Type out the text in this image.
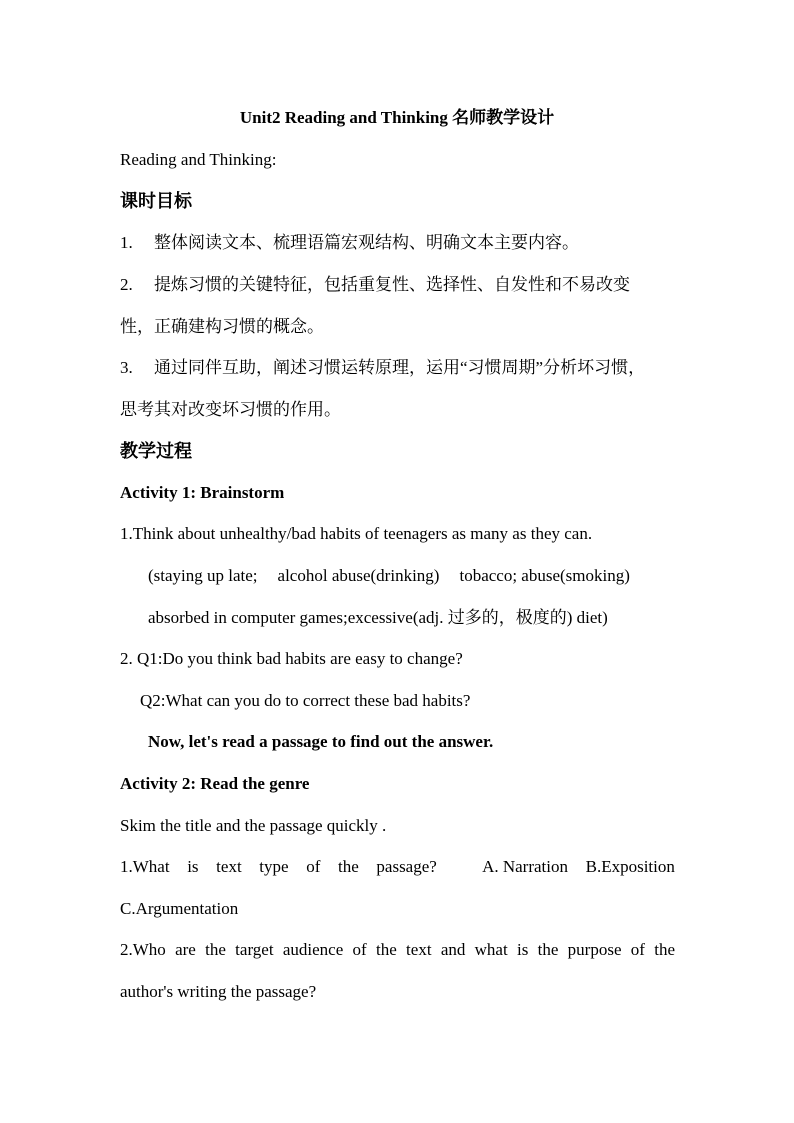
Unit2 Reading and Thinking 名师教学设计
Reading and Thinking:
课时目标
1. 整体阅读文本、梳理语篇宏观结构、明确文本主要内容。
2. 提炼习惯的关键特征，包括重复性、选择性、自发性和不易改变
性，正确建构习惯的概念。
3. 通过同伴互助，阐述习惯运转原理，运用“习惯周期”分析坏习惯，
思考其对改变坏习惯的作用。
教学过程
Activity 1: Brainstorm
1.Think about unhealthy/bad habits of teenagers as many as they can.
(staying up late; alcohol abuse(drinking) tobacco; abuse(smoking)
absorbed in computer games;excessive(adj. 过多的，极度的) diet)
2. Q1:Do you think bad habits are easy to change?
Q2:What can you do to correct these bad habits?
Now, let's read a passage to find out the answer.
Activity 2: Read the genre
Skim the title and the passage quickly .
1.What is text type of the passage?	A. Narration B.Exposition
C.Argumentation
2.Who are the target audience of the text and what is the purpose of the
author's writing the passage?
